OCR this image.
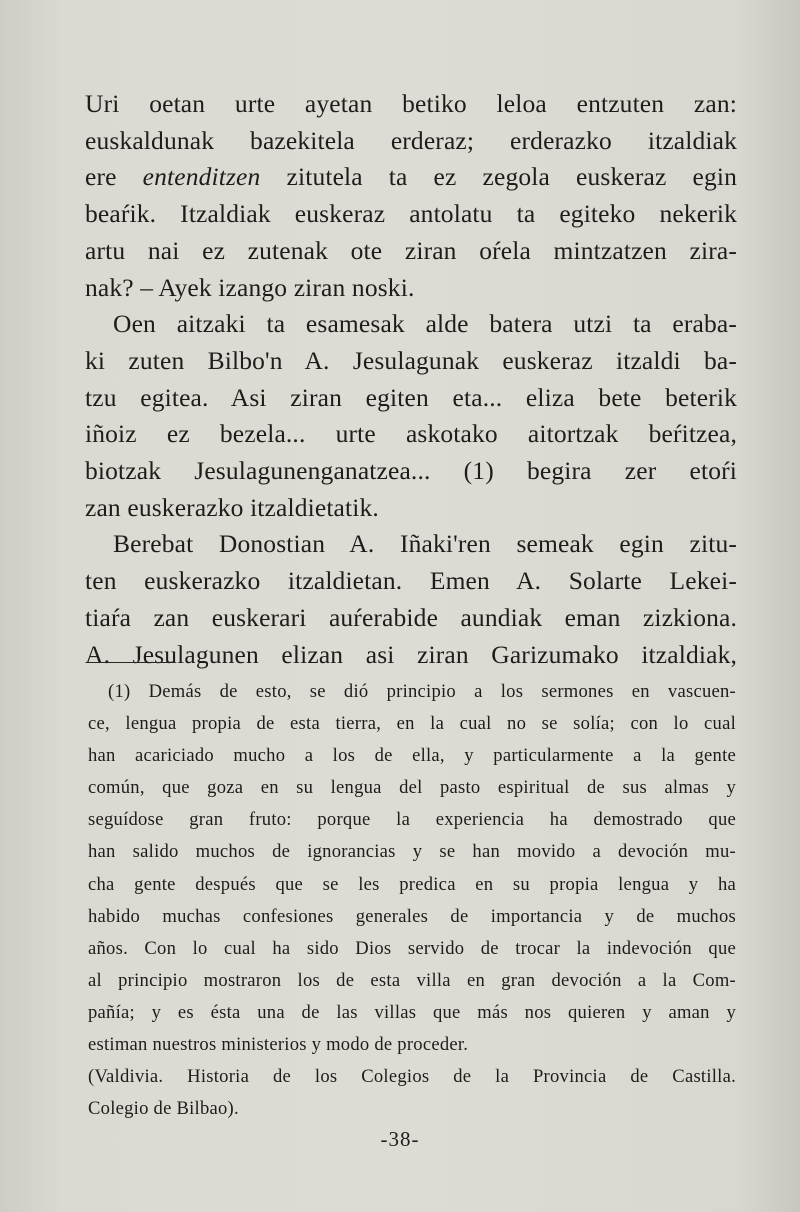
Uri oetan urte ayetan betiko leloa entzuten zan:
euskaldunak bazekitela erderaz; erderazko itzaldiak
ere entenditzen zitutela ta ez zegola euskeraz egin
beaŕik. Itzaldiak euskeraz antolatu ta egiteko nekerik
artu nai ez zutenak ote ziran oŕela mintzatzen zira-
nak? – Ayek izango ziran noski.
Oen aitzaki ta esamesak alde batera utzi ta eraba-
ki zuten Bilbo'n A. Jesulagunak euskeraz itzaldi ba-
tzu egitea. Asi ziran egiten eta... eliza bete beterik
iñoiz ez bezela... urte askotako aitortzak beŕitzea,
biotzak Jesulagunenganatzea... (1) begira zer etoŕi
zan euskerazko itzaldietatik.
Berebat Donostian A. Iñaki'ren semeak egin zitu-
ten euskerazko itzaldietan. Emen A. Solarte Lekei-
tiaŕa zan euskerari auŕerabide aundiak eman zizkiona.
A. Jesulagunen elizan asi ziran Garizumako itzaldiak,
(1) Demás de esto, se dió principio a los sermones en vascuen-
ce, lengua propia de esta tierra, en la cual no se solía; con lo cual
han acariciado mucho a los de ella, y particularmente a la gente
común, que goza en su lengua del pasto espiritual de sus almas y
seguídose gran fruto: porque la experiencia ha demostrado que
han salido muchos de ignorancias y se han movido a devoción mu-
cha gente después que se les predica en su propia lengua y ha
habido muchas confesiones generales de importancia y de muchos
años. Con lo cual ha sido Dios servido de trocar la indevoción que
al principio mostraron los de esta villa en gran devoción a la Com-
pañía; y es ésta una de las villas que más nos quieren y aman y
estiman nuestros ministerios y modo de proceder.
(Valdivia. Historia de los Colegios de la Provincia de Castilla.
Colegio de Bilbao).
-38-
